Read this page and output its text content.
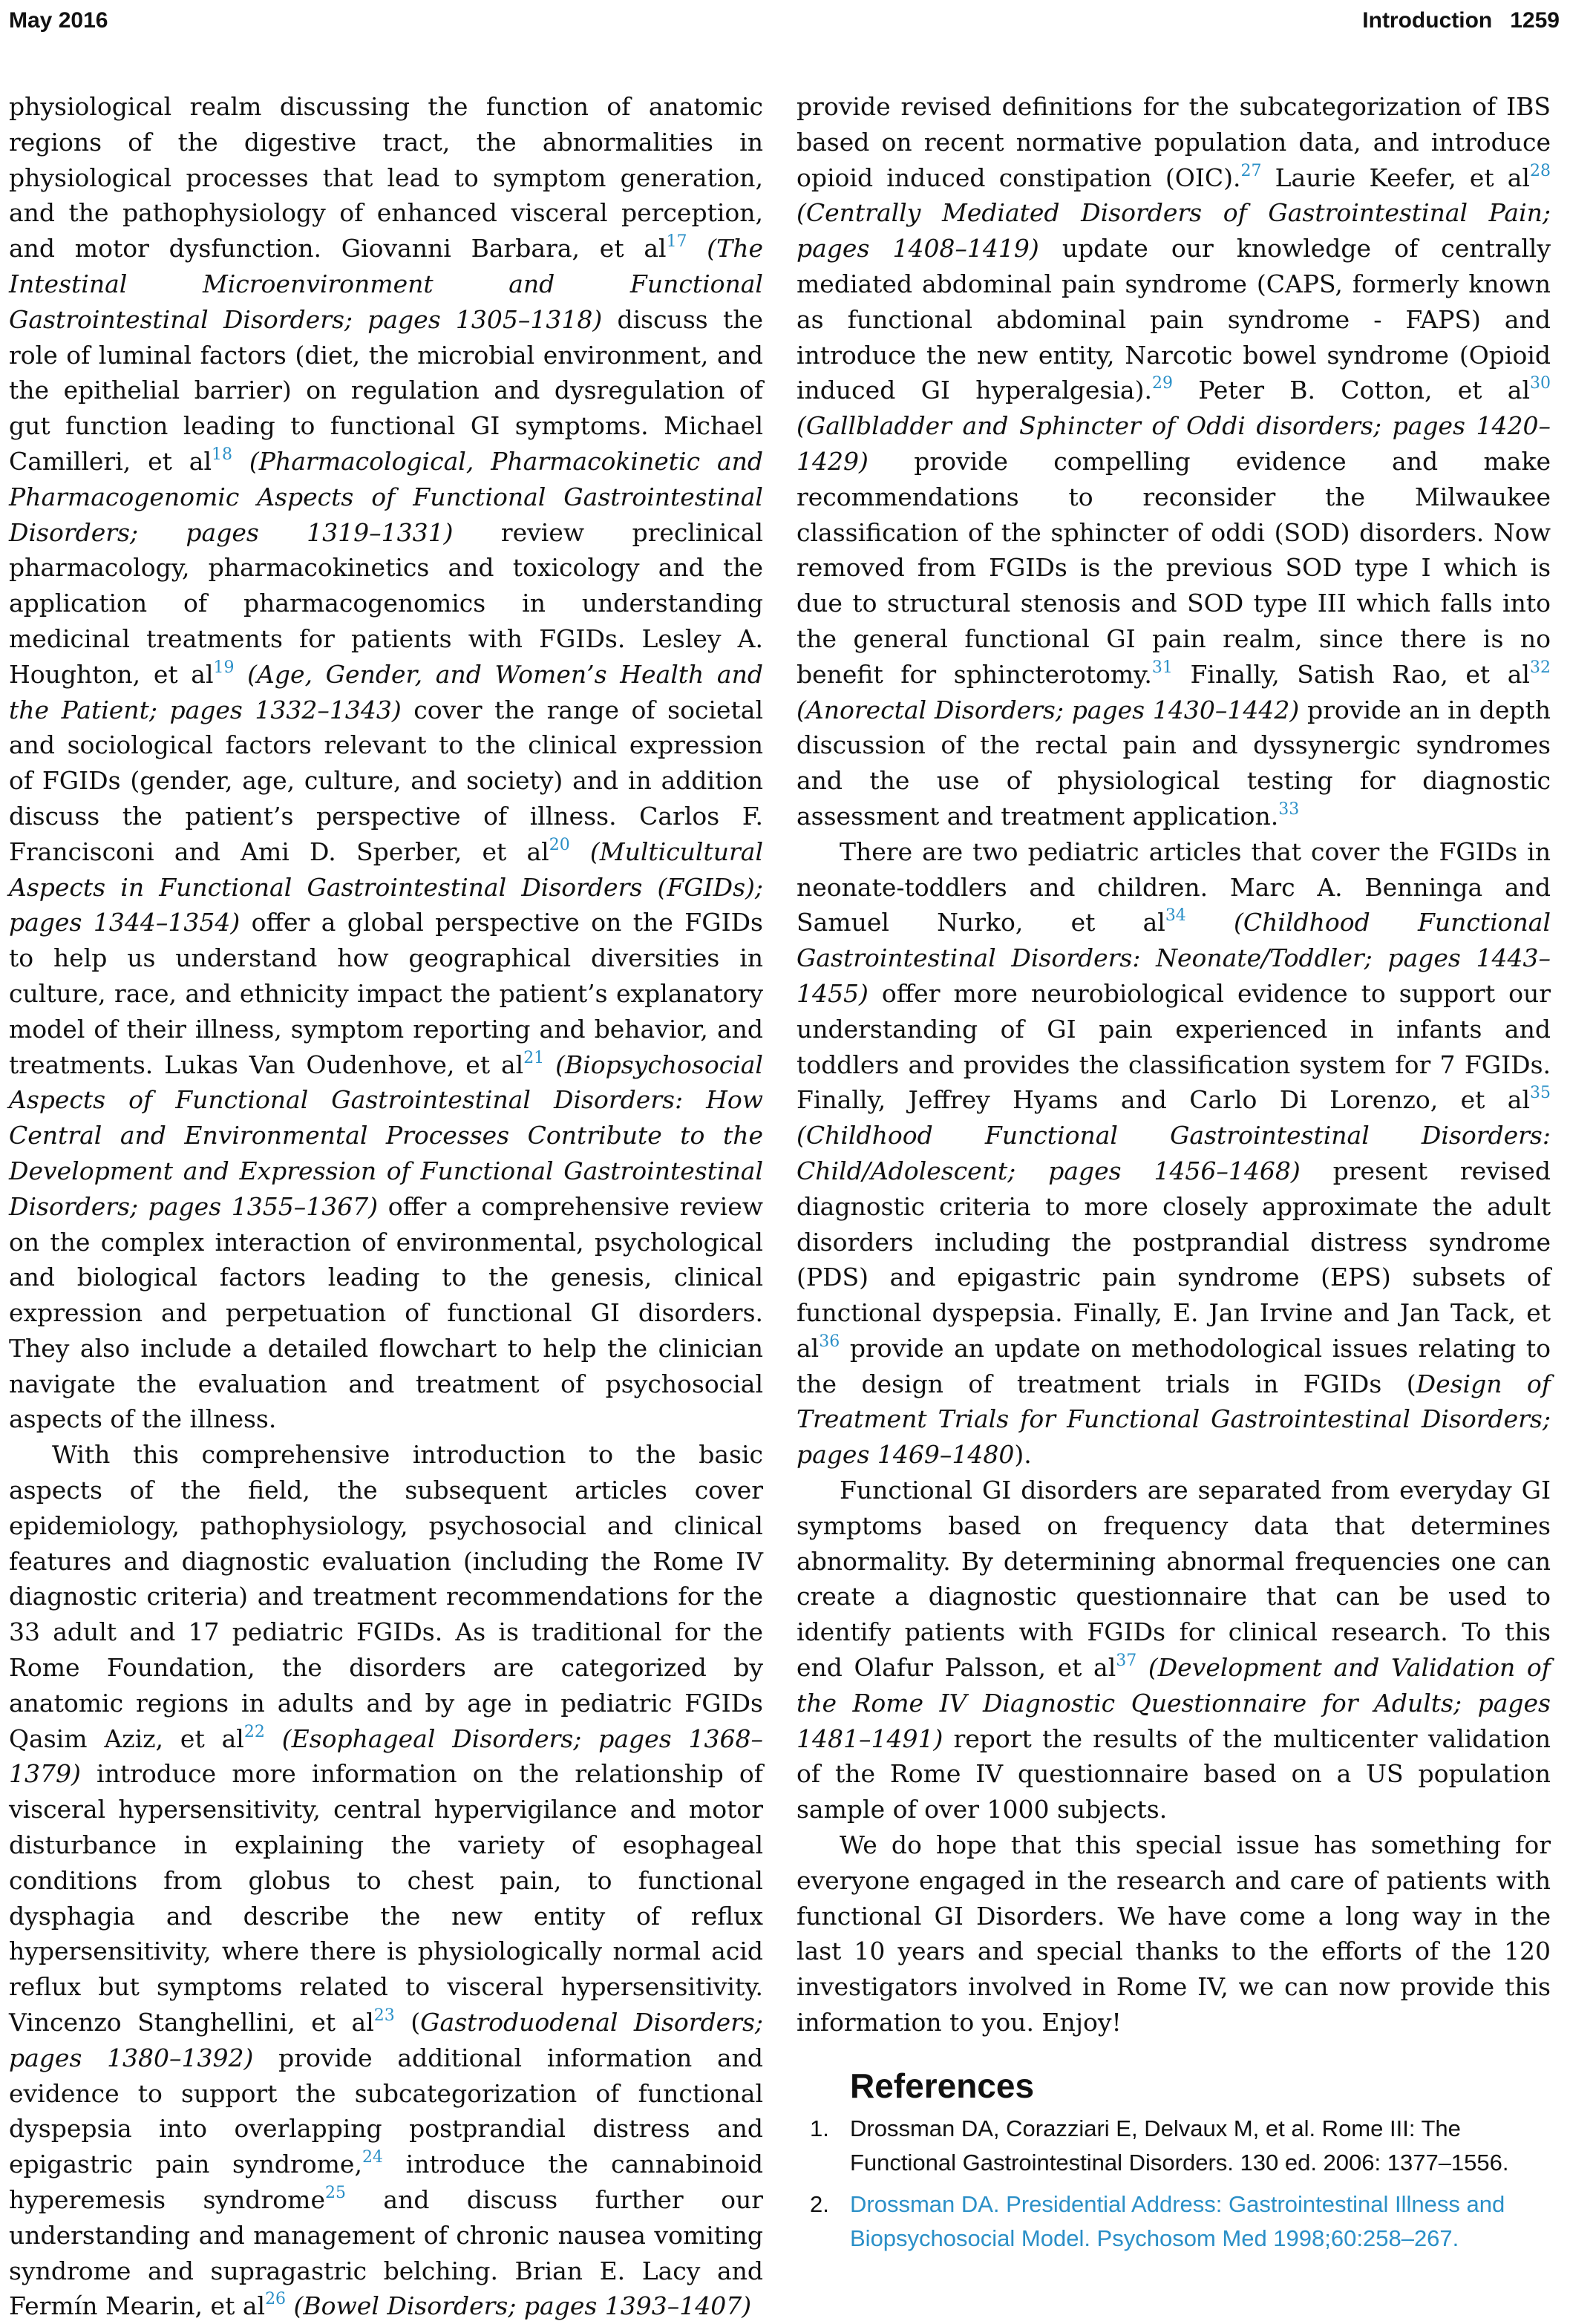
May 2016	Introduction 1259

physiological realm discussing the function of anatomic regions of the digestive tract, the abnormalities in physiological processes that lead to symptom generation, and the pathophysiology of enhanced visceral perception, and motor dysfunction. Giovanni Barbara, et al$^{17}$ (The Intestinal Microenvironment and Functional Gastrointestinal Disorders; pages 1305–1318) discuss the role of luminal factors (diet, the microbial environment, and the epithelial barrier) on regulation and dysregulation of gut function leading to functional GI symptoms. Michael Camilleri, et al$^{18}$ (Pharmacological, Pharmacokinetic and Pharmacogenomic Aspects of Functional Gastrointestinal Disorders; pages 1319–1331) review preclinical pharmacology, pharmacokinetics and toxicology and the application of pharmacogenomics in understanding medicinal treatments for patients with FGIDs. Lesley A. Houghton, et al$^{19}$ (Age, Gender, and Women’s Health and the Patient; pages 1332–1343) cover the range of societal and sociological factors relevant to the clinical expression of FGIDs (gender, age, culture, and society) and in addition discuss the patient’s perspective of illness. Carlos F. Francisconi and Ami D. Sperber, et al$^{20}$ (Multicultural Aspects in Functional Gastrointestinal Disorders (FGIDs); pages 1344–1354) offer a global perspective on the FGIDs to help us understand how geographical diversities in culture, race, and ethnicity impact the patient’s explanatory model of their illness, symptom reporting and behavior, and treatments. Lukas Van Oudenhove, et al$^{21}$ (Biopsychosocial Aspects of Functional Gastrointestinal Disorders: How Central and Environmental Processes Contribute to the Development and Expression of Functional Gastrointestinal Disorders; pages 1355–1367) offer a comprehensive review on the complex interaction of environmental, psychological and biological factors leading to the genesis, clinical expression and perpetuation of functional GI disorders. They also include a detailed flowchart to help the clinician navigate the evaluation and treatment of psychosocial aspects of the illness.

With this comprehensive introduction to the basic aspects of the field, the subsequent articles cover epidemiology, pathophysiology, psychosocial and clinical features and diagnostic evaluation (including the Rome IV diagnostic criteria) and treatment recommendations for the 33 adult and 17 pediatric FGIDs. As is traditional for the Rome Foundation, the disorders are categorized by anatomic regions in adults and by age in pediatric FGIDs Qasim Aziz, et al$^{22}$ (Esophageal Disorders; pages 1368–1379) introduce more information on the relationship of visceral hypersensitivity, central hypervigilance and motor disturbance in explaining the variety of esophageal conditions from globus to chest pain, to functional dysphagia and describe the new entity of reflux hypersensitivity, where there is physiologically normal acid reflux but symptoms related to visceral hypersensitivity. Vincenzo Stanghellini, et al$^{23}$ (Gastroduodenal Disorders; pages 1380–1392) provide additional information and evidence to support the subcategorization of functional dyspepsia into overlapping postprandial distress and epigastric pain syndrome,$^{24}$ introduce the cannabinoid hyperemesis syndrome$^{25}$ and discuss further our understanding and management of chronic nausea vomiting syndrome and supragastric belching. Brian E. Lacy and Fermín Mearin, et al$^{26}$ (Bowel Disorders; pages 1393–1407)

provide revised definitions for the subcategorization of IBS based on recent normative population data, and introduce opioid induced constipation (OIC).$^{27}$ Laurie Keefer, et al$^{28}$ (Centrally Mediated Disorders of Gastrointestinal Pain; pages 1408–1419) update our knowledge of centrally mediated abdominal pain syndrome (CAPS, formerly known as functional abdominal pain syndrome - FAPS) and introduce the new entity, Narcotic bowel syndrome (Opioid induced GI hyperalgesia).$^{29}$ Peter B. Cotton, et al$^{30}$ (Gallbladder and Sphincter of Oddi disorders; pages 1420–1429) provide compelling evidence and make recommendations to reconsider the Milwaukee classification of the sphincter of oddi (SOD) disorders. Now removed from FGIDs is the previous SOD type I which is due to structural stenosis and SOD type III which falls into the general functional GI pain realm, since there is no benefit for sphincterotomy.$^{31}$ Finally, Satish Rao, et al$^{32}$ (Anorectal Disorders; pages 1430–1442) provide an in depth discussion of the rectal pain and dyssynergic syndromes and the use of physiological testing for diagnostic assessment and treatment application.$^{33}$

There are two pediatric articles that cover the FGIDs in neonate-toddlers and children. Marc A. Benninga and Samuel Nurko, et al$^{34}$ (Childhood Functional Gastrointestinal Disorders: Neonate/Toddler; pages 1443–1455) offer more neurobiological evidence to support our understanding of GI pain experienced in infants and toddlers and provides the classification system for 7 FGIDs. Finally, Jeffrey Hyams and Carlo Di Lorenzo, et al$^{35}$ (Childhood Functional Gastrointestinal Disorders: Child/Adolescent; pages 1456–1468) present revised diagnostic criteria to more closely approximate the adult disorders including the postprandial distress syndrome (PDS) and epigastric pain syndrome (EPS) subsets of functional dyspepsia. Finally, E. Jan Irvine and Jan Tack, et al$^{36}$ provide an update on methodological issues relating to the design of treatment trials in FGIDs (Design of Treatment Trials for Functional Gastrointestinal Disorders; pages 1469–1480).

Functional GI disorders are separated from everyday GI symptoms based on frequency data that determines abnormality. By determining abnormal frequencies one can create a diagnostic questionnaire that can be used to identify patients with FGIDs for clinical research. To this end Olafur Palsson, et al$^{37}$ (Development and Validation of the Rome IV Diagnostic Questionnaire for Adults; pages 1481–1491) report the results of the multicenter validation of the Rome IV questionnaire based on a US population sample of over 1000 subjects.

We do hope that this special issue has something for everyone engaged in the research and care of patients with functional GI Disorders. We have come a long way in the last 10 years and special thanks to the efforts of the 120 investigators involved in Rome IV, we can now provide this information to you. Enjoy!

References
1. Drossman DA, Corazziari E, Delvaux M, et al. Rome III: The Functional Gastrointestinal Disorders. 130 ed. 2006: 1377–1556.
2. Drossman DA. Presidential Address: Gastrointestinal Illness and Biopsychosocial Model. Psychosom Med 1998;60:258–267.
